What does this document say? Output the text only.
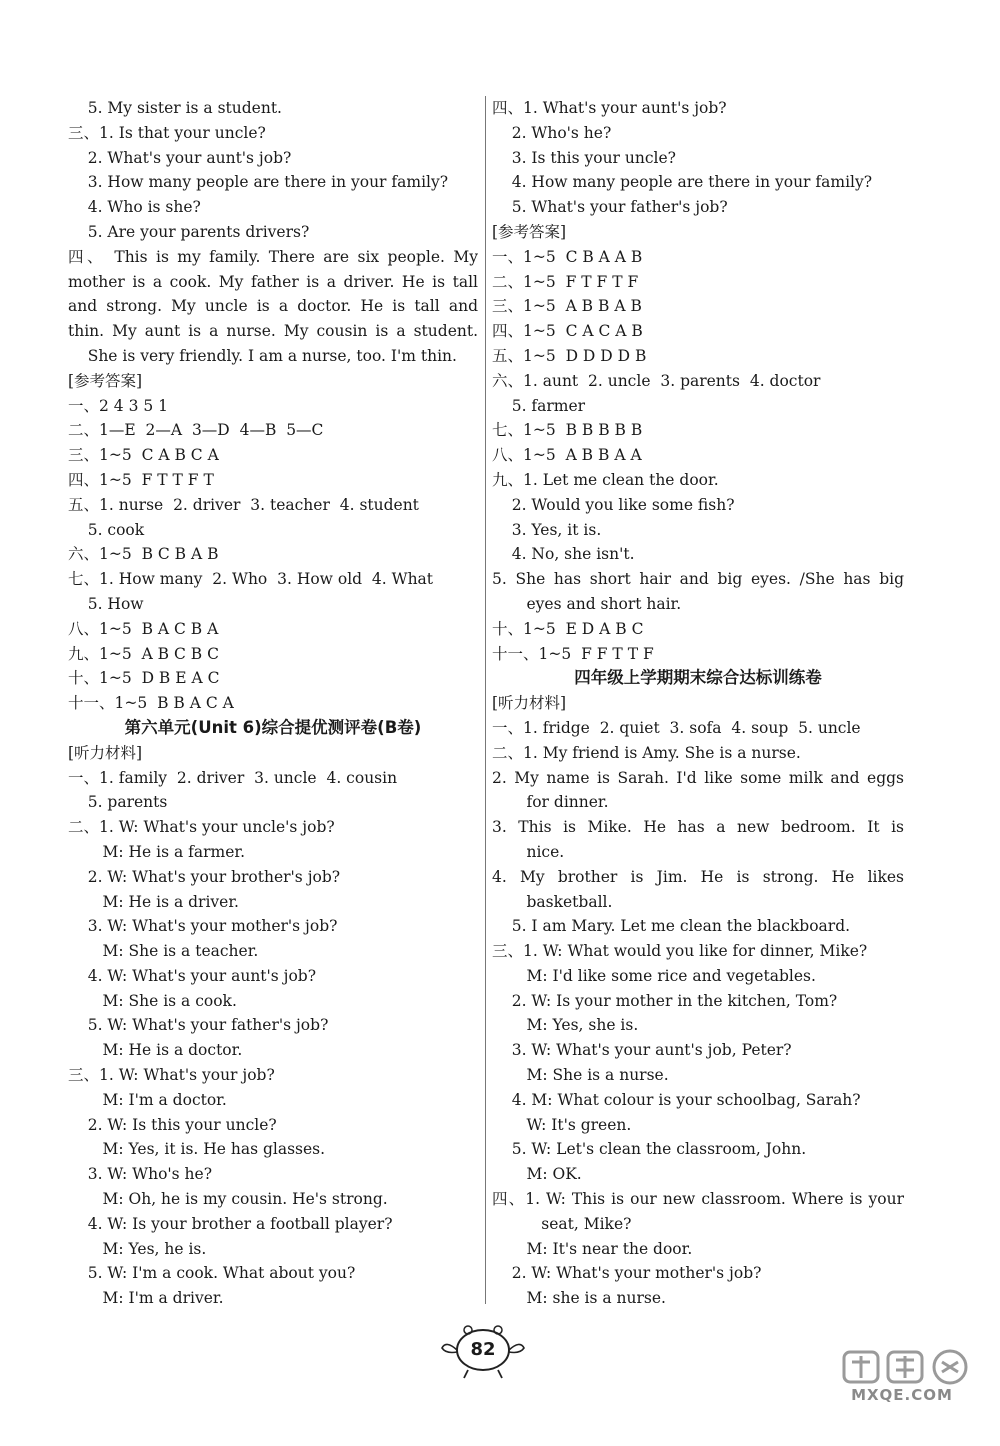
5. My sister is a student.
三、1. Is that your uncle?
2. What's your aunt's job?
3. How many people are there in your family?
4. Who is she?
5. Are your parents drivers?
四、 This is my family. There are six people. My
mother is a cook. My father is a driver. He is tall
and strong. My uncle is a doctor. He is tall and
thin. My aunt is a nurse. My cousin is a student.
She is very friendly. I am a nurse, too. I'm thin.
[参考答案]
一、2 4 3 5 1
二、1—E  2—A  3—D  4—B  5—C
三、1~5  C A B C A
四、1~5  F T T F T
五、1. nurse  2. driver  3. teacher  4. student
5. cook
六、1~5  B C B A B
七、1. How many  2. Who  3. How old  4. What
5. How
八、1~5  B A C B A
九、1~5  A B C B C
十、1~5  D B E A C
十一、1~5  B B A C A
第六单元(Unit 6)综合提优测评卷(B卷)
[听力材料]
一、1. family  2. driver  3. uncle  4. cousin
5. parents
二、1. W: What's your uncle's job?
M: He is a farmer.
2. W: What's your brother's job?
M: He is a driver.
3. W: What's your mother's job?
M: She is a teacher.
4. W: What's your aunt's job?
M: She is a cook.
5. W: What's your father's job?
M: He is a doctor.
三、1. W: What's your job?
M: I'm a doctor.
2. W: Is this your uncle?
M: Yes, it is. He has glasses.
3. W: Who's he?
M: Oh, he is my cousin. He's strong.
4. W: Is your brother a football player?
M: Yes, he is.
5. W: I'm a cook. What about you?
M: I'm a driver.
四、1. What's your aunt's job?
2. Who's he?
3. Is this your uncle?
4. How many people are there in your family?
5. What's your father's job?
[参考答案]
一、1~5  C B A A B
二、1~5  F T F T F
三、1~5  A B B A B
四、1~5  C A C A B
五、1~5  D D D D B
六、1. aunt  2. uncle  3. parents  4. doctor
5. farmer
七、1~5  B B B B B
八、1~5  A B B A A
九、1. Let me clean the door.
2. Would you like some fish?
3. Yes, it is.
4. No, she isn't.
5. She has short hair and big eyes. /She has big
eyes and short hair.
十、1~5  E D A B C
十一、1~5  F F T T F
四年级上学期期末综合达标训练卷
[听力材料]
一、1. fridge  2. quiet  3. sofa  4. soup  5. uncle
二、1. My friend is Amy. She is a nurse.
2. My name is Sarah. I'd like some milk and eggs
for dinner.
3. This is Mike. He has a new bedroom. It is
nice.
4. My brother is Jim. He is strong. He likes
basketball.
5. I am Mary. Let me clean the blackboard.
三、1. W: What would you like for dinner, Mike?
M: I'd like some rice and vegetables.
2. W: Is your mother in the kitchen, Tom?
M: Yes, she is.
3. W: What's your aunt's job, Peter?
M: She is a nurse.
4. M: What colour is your schoolbag, Sarah?
W: It's green.
5. W: Let's clean the classroom, John.
M: OK.
四、1. W: This is our new classroom. Where is your
seat, Mike?
M: It's near the door.
2. W: What's your mother's job?
M: she is a nurse.
82
MXQE.COM
